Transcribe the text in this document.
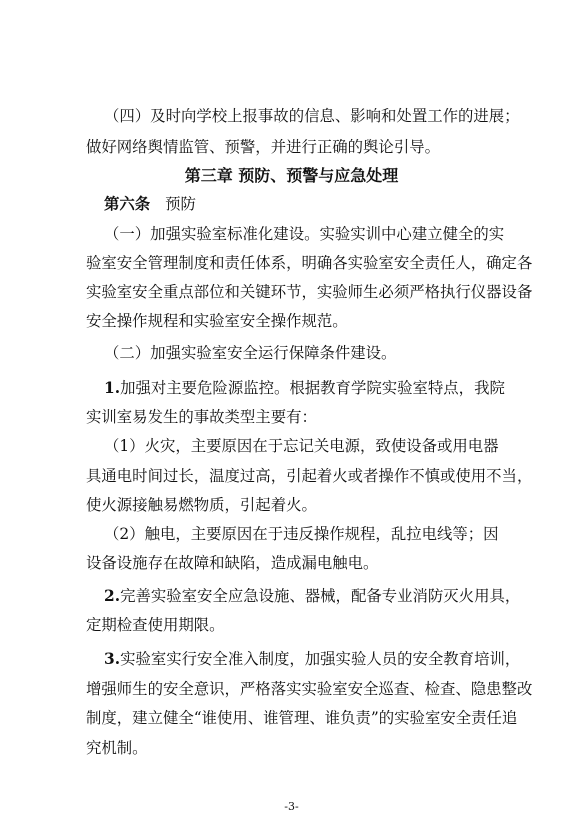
（四）及时向学校上报事故的信息、影响和处置工作的进展；
做好网络舆情监管、预警，并进行正确的舆论引导。
第三章 预防、预警与应急处理
第六条 预防
（一）加强实验室标准化建设。实验实训中心建立健全的实
验室安全管理制度和责任体系，明确各实验室安全责任人，确定各
实验室安全重点部位和关键环节，实验师生必须严格执行仪器设备
安全操作规程和实验室安全操作规范。
（二）加强实验室安全运行保障条件建设。
1.加强对主要危险源监控。根据教育学院实验室特点，我院
实训室易发生的事故类型主要有：
（1）火灾，主要原因在于忘记关电源，致使设备或用电器
具通电时间过长，温度过高，引起着火或者操作不慎或使用不当，
使火源接触易燃物质，引起着火。
（2）触电，主要原因在于违反操作规程，乱拉电线等；因
设备设施存在故障和缺陷，造成漏电触电。
2.完善实验室安全应急设施、器械，配备专业消防灭火用具，
定期检查使用期限。
3.实验室实行安全准入制度，加强实验人员的安全教育培训，
增强师生的安全意识，严格落实实验室安全巡查、检查、隐患整改
制度，建立健全“谁使用、谁管理、谁负责”的实验室安全责任追
究机制。
-3-
